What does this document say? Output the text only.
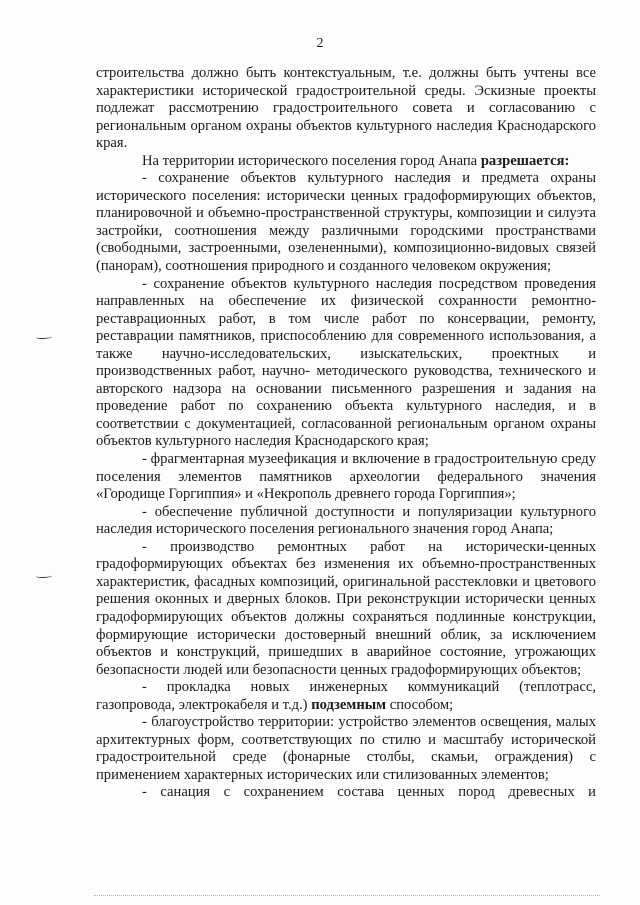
2

строительства должно быть контекстуальным, т.е. должны быть учтены все характеристики исторической градостроительной среды. Эскизные проекты подлежат рассмотрению градостроительного совета и согласованию с региональным органом охраны объектов культурного наследия Краснодарского края.

На территории исторического поселения город Анапа разрешается:

- сохранение объектов культурного наследия и предмета охраны исторического поселения: исторически ценных градоформирующих объектов, планировочной и объемно-пространственной структуры, композиции и силуэта застройки, соотношения между различными городскими пространствами (свободными, застроенными, озелененными), композиционно-видовых связей (панорам), соотношения природного и созданного человеком окружения;

- сохранение объектов культурного наследия посредством проведения направленных на обеспечение их физической сохранности ремонтно-реставрационных работ, в том числе работ по консервации, ремонту, реставрации памятников, приспособлению для современного использования, а также научно-исследовательских, изыскательских, проектных и производственных работ, научно- методического руководства, технического и авторского надзора на основании письменного разрешения и задания на проведение работ по сохранению объекта культурного наследия, и в соответствии с документацией, согласованной региональным органом охраны объектов культурного наследия Краснодарского края;

- фрагментарная музеефикация и включение в градостроительную среду поселения элементов памятников археологии федерального значения «Городище Горгиппия» и «Некрополь древнего города Горгиппия»;

- обеспечение публичной доступности и популяризации культурного наследия исторического поселения регионального значения город Анапа;

- производство ремонтных работ на исторически-ценных градоформирующих объектах без изменения их объемно-пространственных характеристик, фасадных композиций, оригинальной расстекловки и цветового решения оконных и дверных блоков. При реконструкции исторически ценных градоформирующих объектов должны сохраняться подлинные конструкции, формирующие исторически достоверный внешний облик, за исключением объектов и конструкций, пришедших в аварийное состояние, угрожающих безопасности людей или безопасности ценных градоформирующих объектов;

- прокладка новых инженерных коммуникаций (теплотрасс, газопровода, электрокабеля и т.д.) подземным способом;

- благоустройство территории: устройство элементов освещения, малых архитектурных форм, соответствующих по стилю и масштабу исторической градостроительной среде (фонарные столбы, скамьи, ограждения) с применением характерных исторических или стилизованных элементов;

- санация с сохранением состава ценных пород древесных и
